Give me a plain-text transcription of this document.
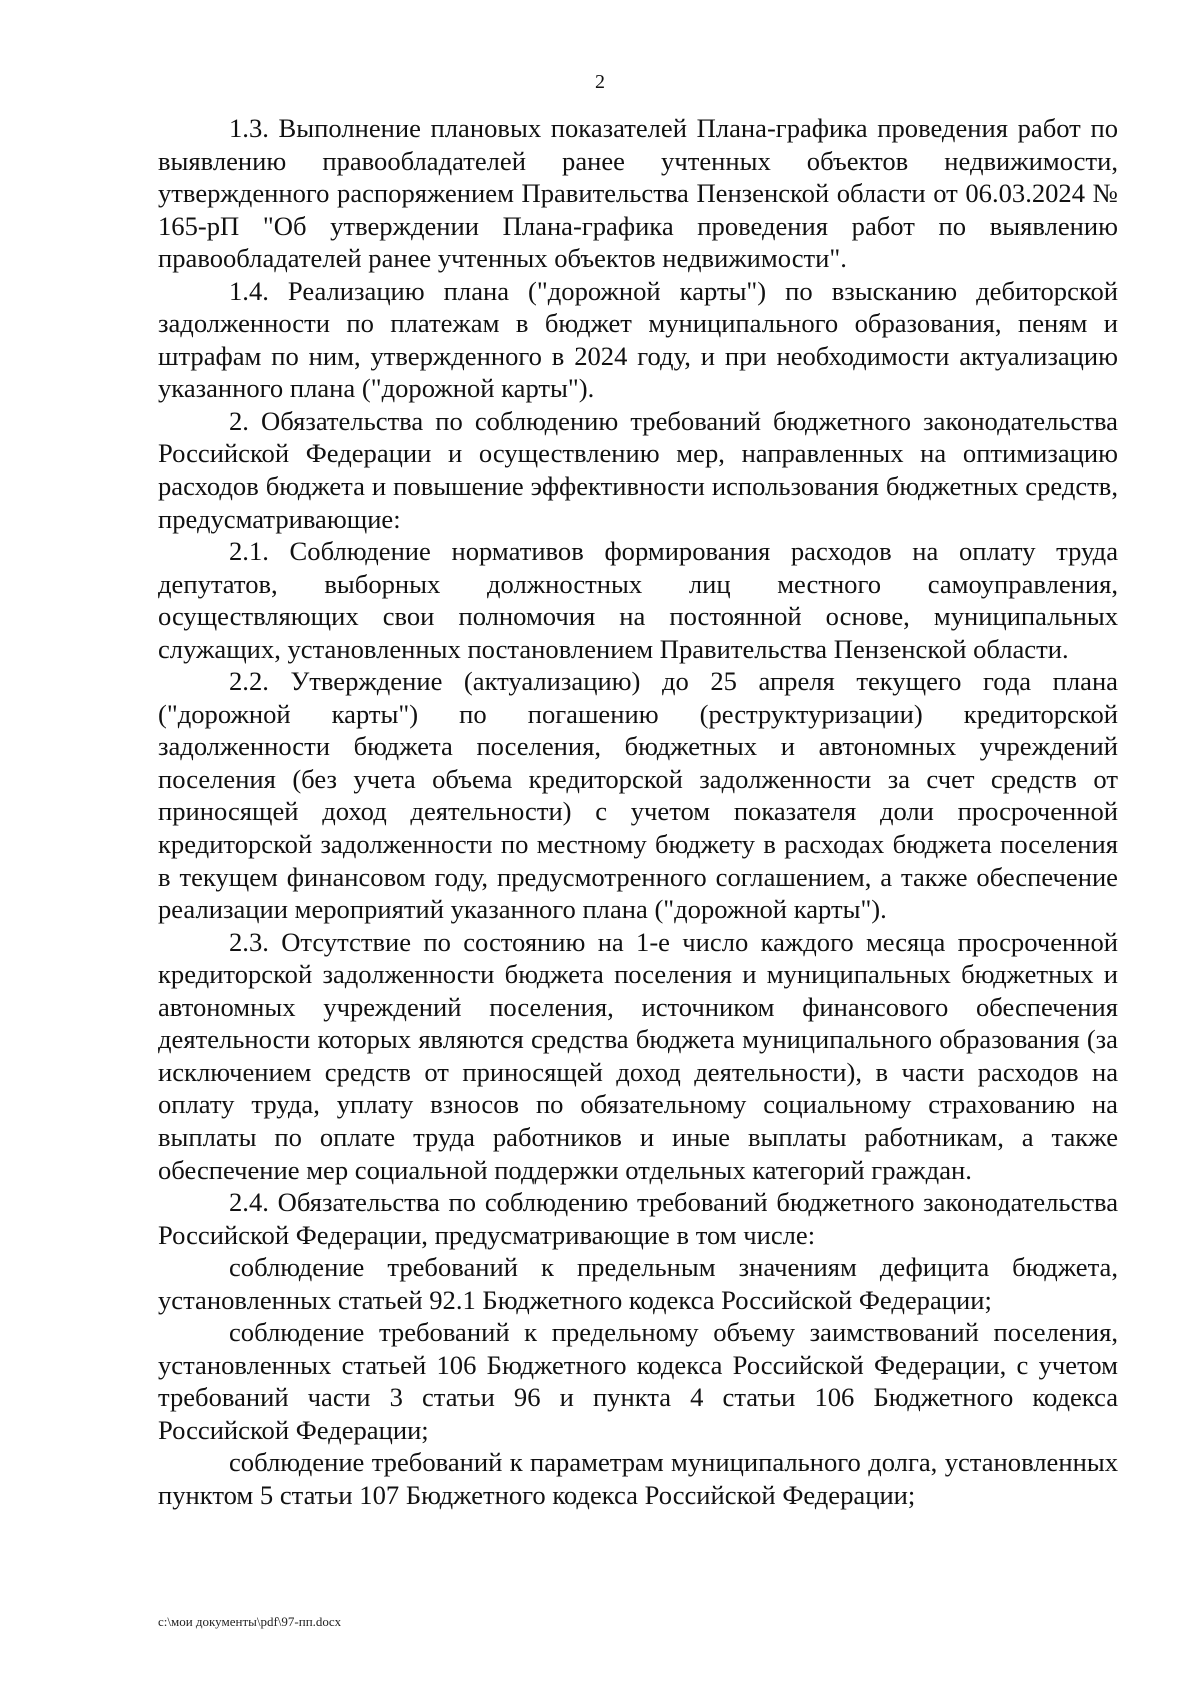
2

1.3. Выполнение плановых показателей Плана-графика проведения работ по выявлению правообладателей ранее учтенных объектов недвижимости, утвержденного распоряжением Правительства Пензенской области от 06.03.2024 № 165-рП "Об утверждении Плана-графика проведения работ по выявлению правообладателей ранее учтенных объектов недвижимости".

1.4. Реализацию плана ("дорожной карты") по взысканию дебиторской задолженности по платежам в бюджет муниципального образования, пеням и штрафам по ним, утвержденного в 2024 году, и при необходимости актуализацию указанного плана ("дорожной карты").

2. Обязательства по соблюдению требований бюджетного законодательства Российской Федерации и осуществлению мер, направленных на оптимизацию расходов бюджета и повышение эффективности использования бюджетных средств, предусматривающие:

2.1. Соблюдение нормативов формирования расходов на оплату труда депутатов, выборных должностных лиц местного самоуправления, осуществляющих свои полномочия на постоянной основе, муниципальных служащих, установленных постановлением Правительства Пензенской области.

2.2. Утверждение (актуализацию) до 25 апреля текущего года плана ("дорожной карты") по погашению (реструктуризации) кредиторской задолженности бюджета поселения, бюджетных и автономных учреждений поселения (без учета объема кредиторской задолженности за счет средств от приносящей доход деятельности) с учетом показателя доли просроченной кредиторской задолженности по местному бюджету в расходах бюджета поселения в текущем финансовом году, предусмотренного соглашением, а также обеспечение реализации мероприятий указанного плана ("дорожной карты").

2.3. Отсутствие по состоянию на 1-е число каждого месяца просроченной кредиторской задолженности бюджета поселения и муниципальных бюджетных и автономных учреждений поселения, источником финансового обеспечения деятельности которых являются средства бюджета муниципального образования (за исключением средств от приносящей доход деятельности), в части расходов на оплату труда, уплату взносов по обязательному социальному страхованию на выплаты по оплате труда работников и иные выплаты работникам, а также обеспечение мер социальной поддержки отдельных категорий граждан.

2.4. Обязательства по соблюдению требований бюджетного законодательства Российской Федерации, предусматривающие в том числе:

соблюдение требований к предельным значениям дефицита бюджета, установленных статьей 92.1 Бюджетного кодекса Российской Федерации;

соблюдение требований к предельному объему заимствований поселения, установленных статьей 106 Бюджетного кодекса Российской Федерации, с учетом требований части 3 статьи 96 и пункта 4 статьи 106 Бюджетного кодекса Российской Федерации;

соблюдение требований к параметрам муниципального долга, установленных пунктом 5 статьи 107 Бюджетного кодекса Российской Федерации;

c:\мои документы\pdf\97-пп.docx
